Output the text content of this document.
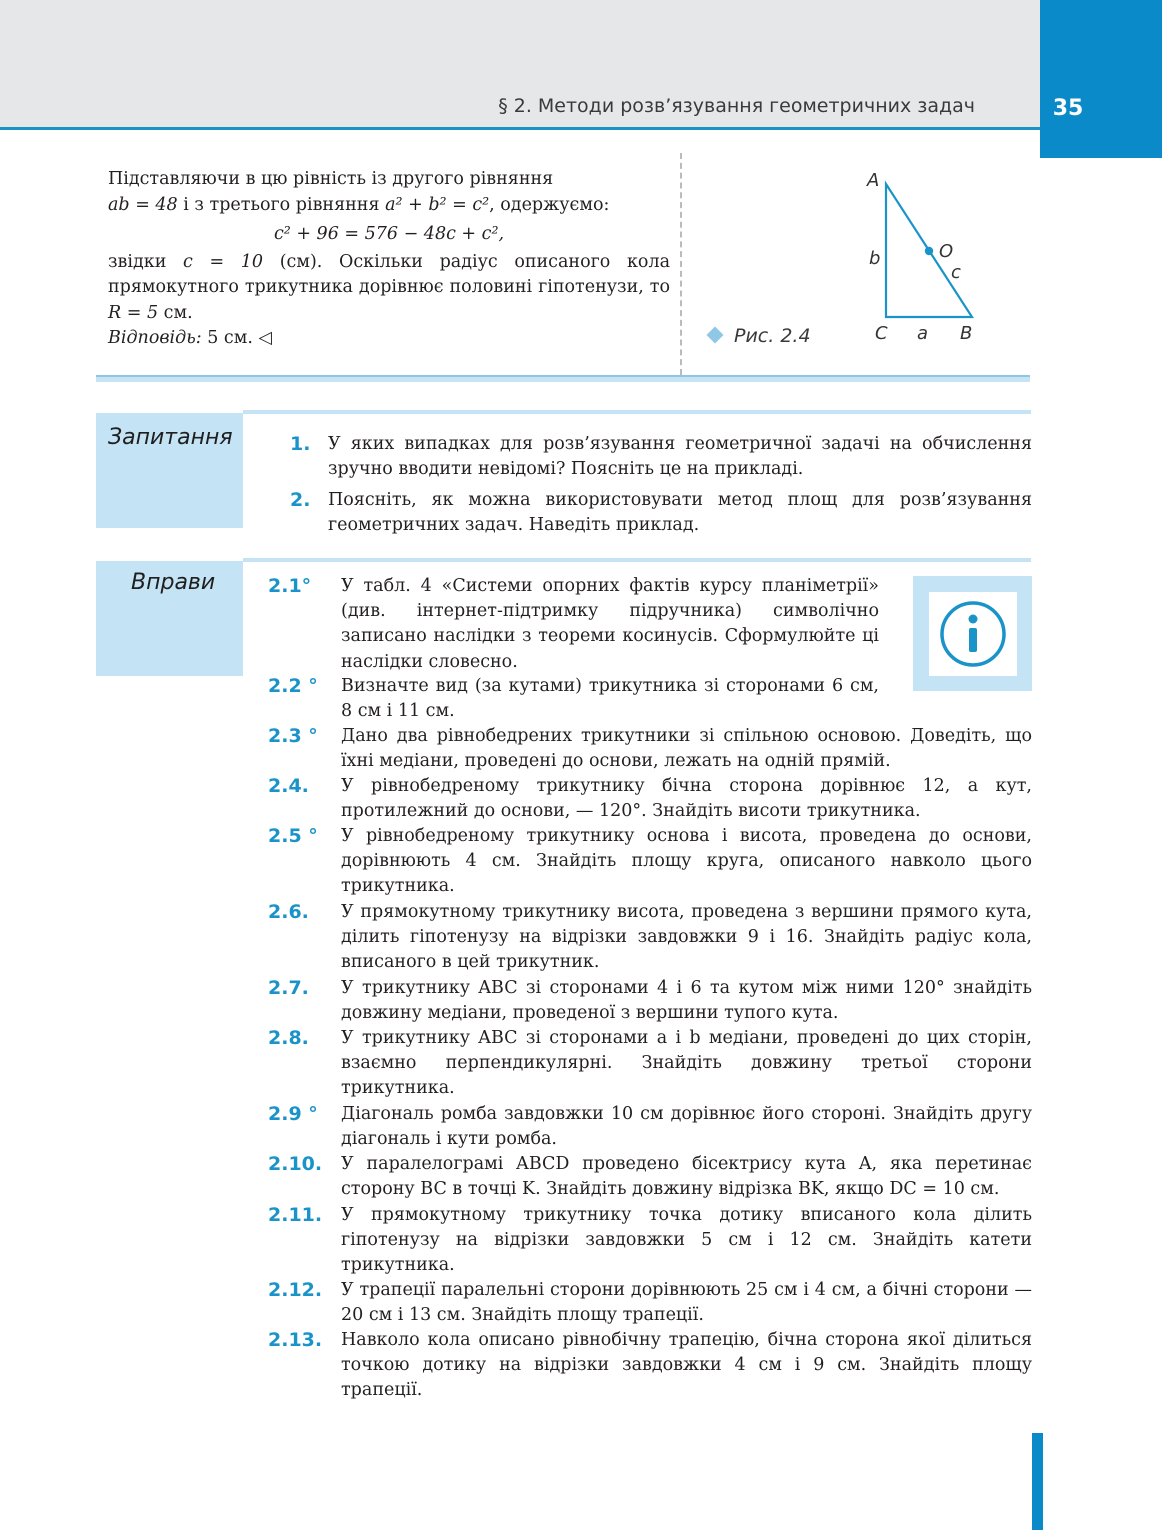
35
§ 2. Методи розв’язування геометричних задач

Підставляючи в цю рівність із другого рівняння

ab = 48 і з третього рівняння a² + b² = c², одержуємо:

c² + 96 = 576 − 48c + c²,

звідки c = 10 (см). Оскільки радіус описаного кола прямокутного трикутника дорівнює половині гіпотенузи, то R = 5 см.

Відповідь: 5 см. ◁

A
b	O
c
C a B
Рис. 2.4
Запитання	1. У яких випадках для розв’язування геометричної задачі на обчислення зручно вводити невідомі? Поясніть це на прикладі.
2. Поясніть, як можна використовувати метод площ для розв’язування геометричних задач. Наведіть приклад.
Вправи	2.1° У табл. 4 «Системи опорних фактів курсу планіметрії» (див. інтернет-підтримку підручника) символічно записано наслідки з теореми косинусів. Сформулюйте ці наслідки словесно.
2.2 ° Визначте вид (за кутами) трикутника зі сторонами 6 см, 8 см і 11 см.
2.3 ° Дано два рівнобедрених трикутники зі спільною основою. Доведіть, що їхні медіани, проведені до основи, лежать на одній прямій.
2.4. У рівнобедреному трикутнику бічна сторона дорівнює 12, а кут, протилежний до основи, — 120°. Знайдіть висоти трикутника.
2.5 ° У рівнобедреному трикутнику основа і висота, проведена до основи, дорівнюють 4 см. Знайдіть площу круга, описаного навколо цього трикутника.
2.6. У прямокутному трикутнику висота, проведена з вершини прямого кута, ділить гіпотенузу на відрізки завдовжки 9 і 16. Знайдіть радіус кола, вписаного в цей трикутник.
2.7. У трикутнику ABC зі сторонами 4 і 6 та кутом між ними 120° знайдіть довжину медіани, проведеної з вершини тупого кута.
2.8. У трикутнику ABC зі сторонами a і b медіани, проведені до цих сторін, взаємно перпендикулярні. Знайдіть довжину третьої сторони трикутника.
2.9 ° Діагональ ромба завдовжки 10 см дорівнює його стороні. Знайдіть другу діагональ і кути ромба.
2.10. У паралелограмі ABCD проведено бісектрису кута A, яка перетинає сторону BC в точці K. Знайдіть довжину відрізка BK, якщо DC = 10 см.
2.11. У прямокутному трикутнику точка дотику вписаного кола ділить гіпотенузу на відрізки завдовжки 5 см і 12 см. Знайдіть катети трикутника.
2.12. У трапеції паралельні сторони дорівнюють 25 см і 4 см, а бічні сторони — 20 см і 13 см. Знайдіть площу трапеції.
2.13. Навколо кола описано рівнобічну трапецію, бічна сторона якої ділиться точкою дотику на відрізки завдовжки 4 см і 9 см. Знайдіть площу трапеції.
